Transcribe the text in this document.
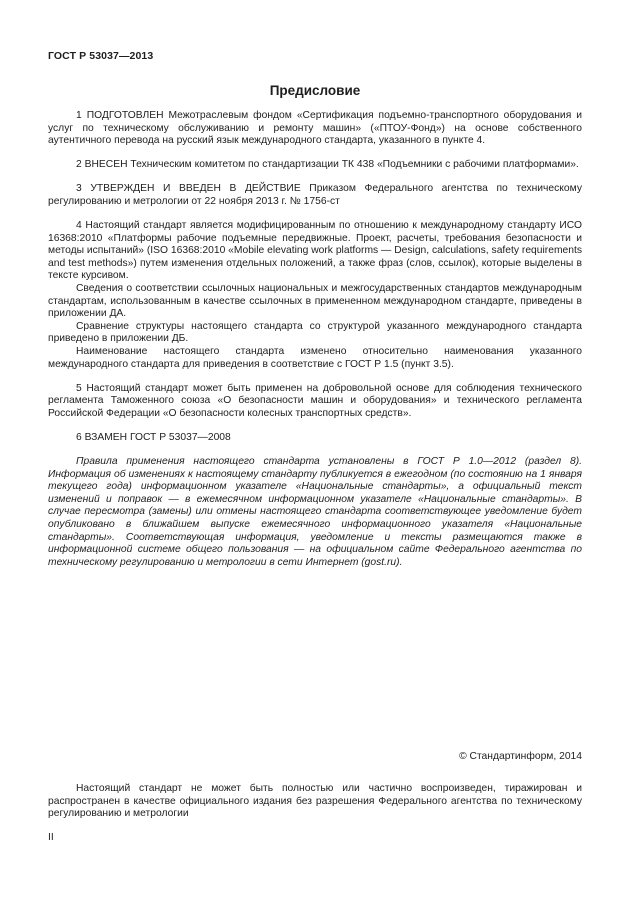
ГОСТ Р 53037—2013
Предисловие

1 ПОДГОТОВЛЕН Межотраслевым фондом «Сертификация подъемно-транспортного оборудования и услуг по техническому обслуживанию и ремонту машин» («ПТОУ-Фонд») на основе собственного аутентичного перевода на русский язык международного стандарта, указанного в пункте 4.

2 ВНЕСЕН Техническим комитетом по стандартизации ТК 438 «Подъемники с рабочими платформами».

3 УТВЕРЖДЕН И ВВЕДЕН В ДЕЙСТВИЕ Приказом Федерального агентства по техническому регулированию и метрологии от 22 ноября 2013 г. № 1756-ст

4 Настоящий стандарт является модифицированным по отношению к международному стандарту ИСО 16368:2010 «Платформы рабочие подъемные передвижные. Проект, расчеты, требования безопасности и методы испытаний» (ISO 16368:2010 «Mobile elevating work platforms — Design, calculations, safety requirements and test methods») путем изменения отдельных положений, а также фраз (слов, ссылок), которые выделены в тексте курсивом.

Сведения о соответствии ссылочных национальных и межгосударственных стандартов международным стандартам, использованным в качестве ссылочных в примененном международном стандарте, приведены в приложении ДА.

Сравнение структуры настоящего стандарта со структурой указанного международного стандарта приведено в приложении ДБ.

Наименование настоящего стандарта изменено относительно наименования указанного международного стандарта для приведения в соответствие с ГОСТ Р 1.5 (пункт 3.5).

5 Настоящий стандарт может быть применен на добровольной основе для соблюдения технического регламента Таможенного союза «О безопасности машин и оборудования» и технического регламента Российской Федерации «О безопасности колесных транспортных средств».

6 ВЗАМЕН ГОСТ Р 53037—2008

Правила применения настоящего стандарта установлены в ГОСТ Р 1.0—2012 (раздел 8). Информация об изменениях к настоящему стандарту публикуется в ежегодном (по состоянию на 1 января текущего года) информационном указателе «Национальные стандарты», а официальный текст изменений и поправок — в ежемесячном информационном указателе «Национальные стандарты». В случае пересмотра (замены) или отмены настоящего стандарта соответствующее уведомление будет опубликовано в ближайшем выпуске ежемесячного информационного указателя «Национальные стандарты». Соответствующая информация, уведомление и тексты размещаются также в информационной системе общего пользования — на официальном сайте Федерального агентства по техническому регулированию и метрологии в сети Интернет (gost.ru).

© Стандартинформ, 2014

Настоящий стандарт не может быть полностью или частично воспроизведен, тиражирован и распространен в качестве официального издания без разрешения Федерального агентства по техническому регулированию и метрологии

II
